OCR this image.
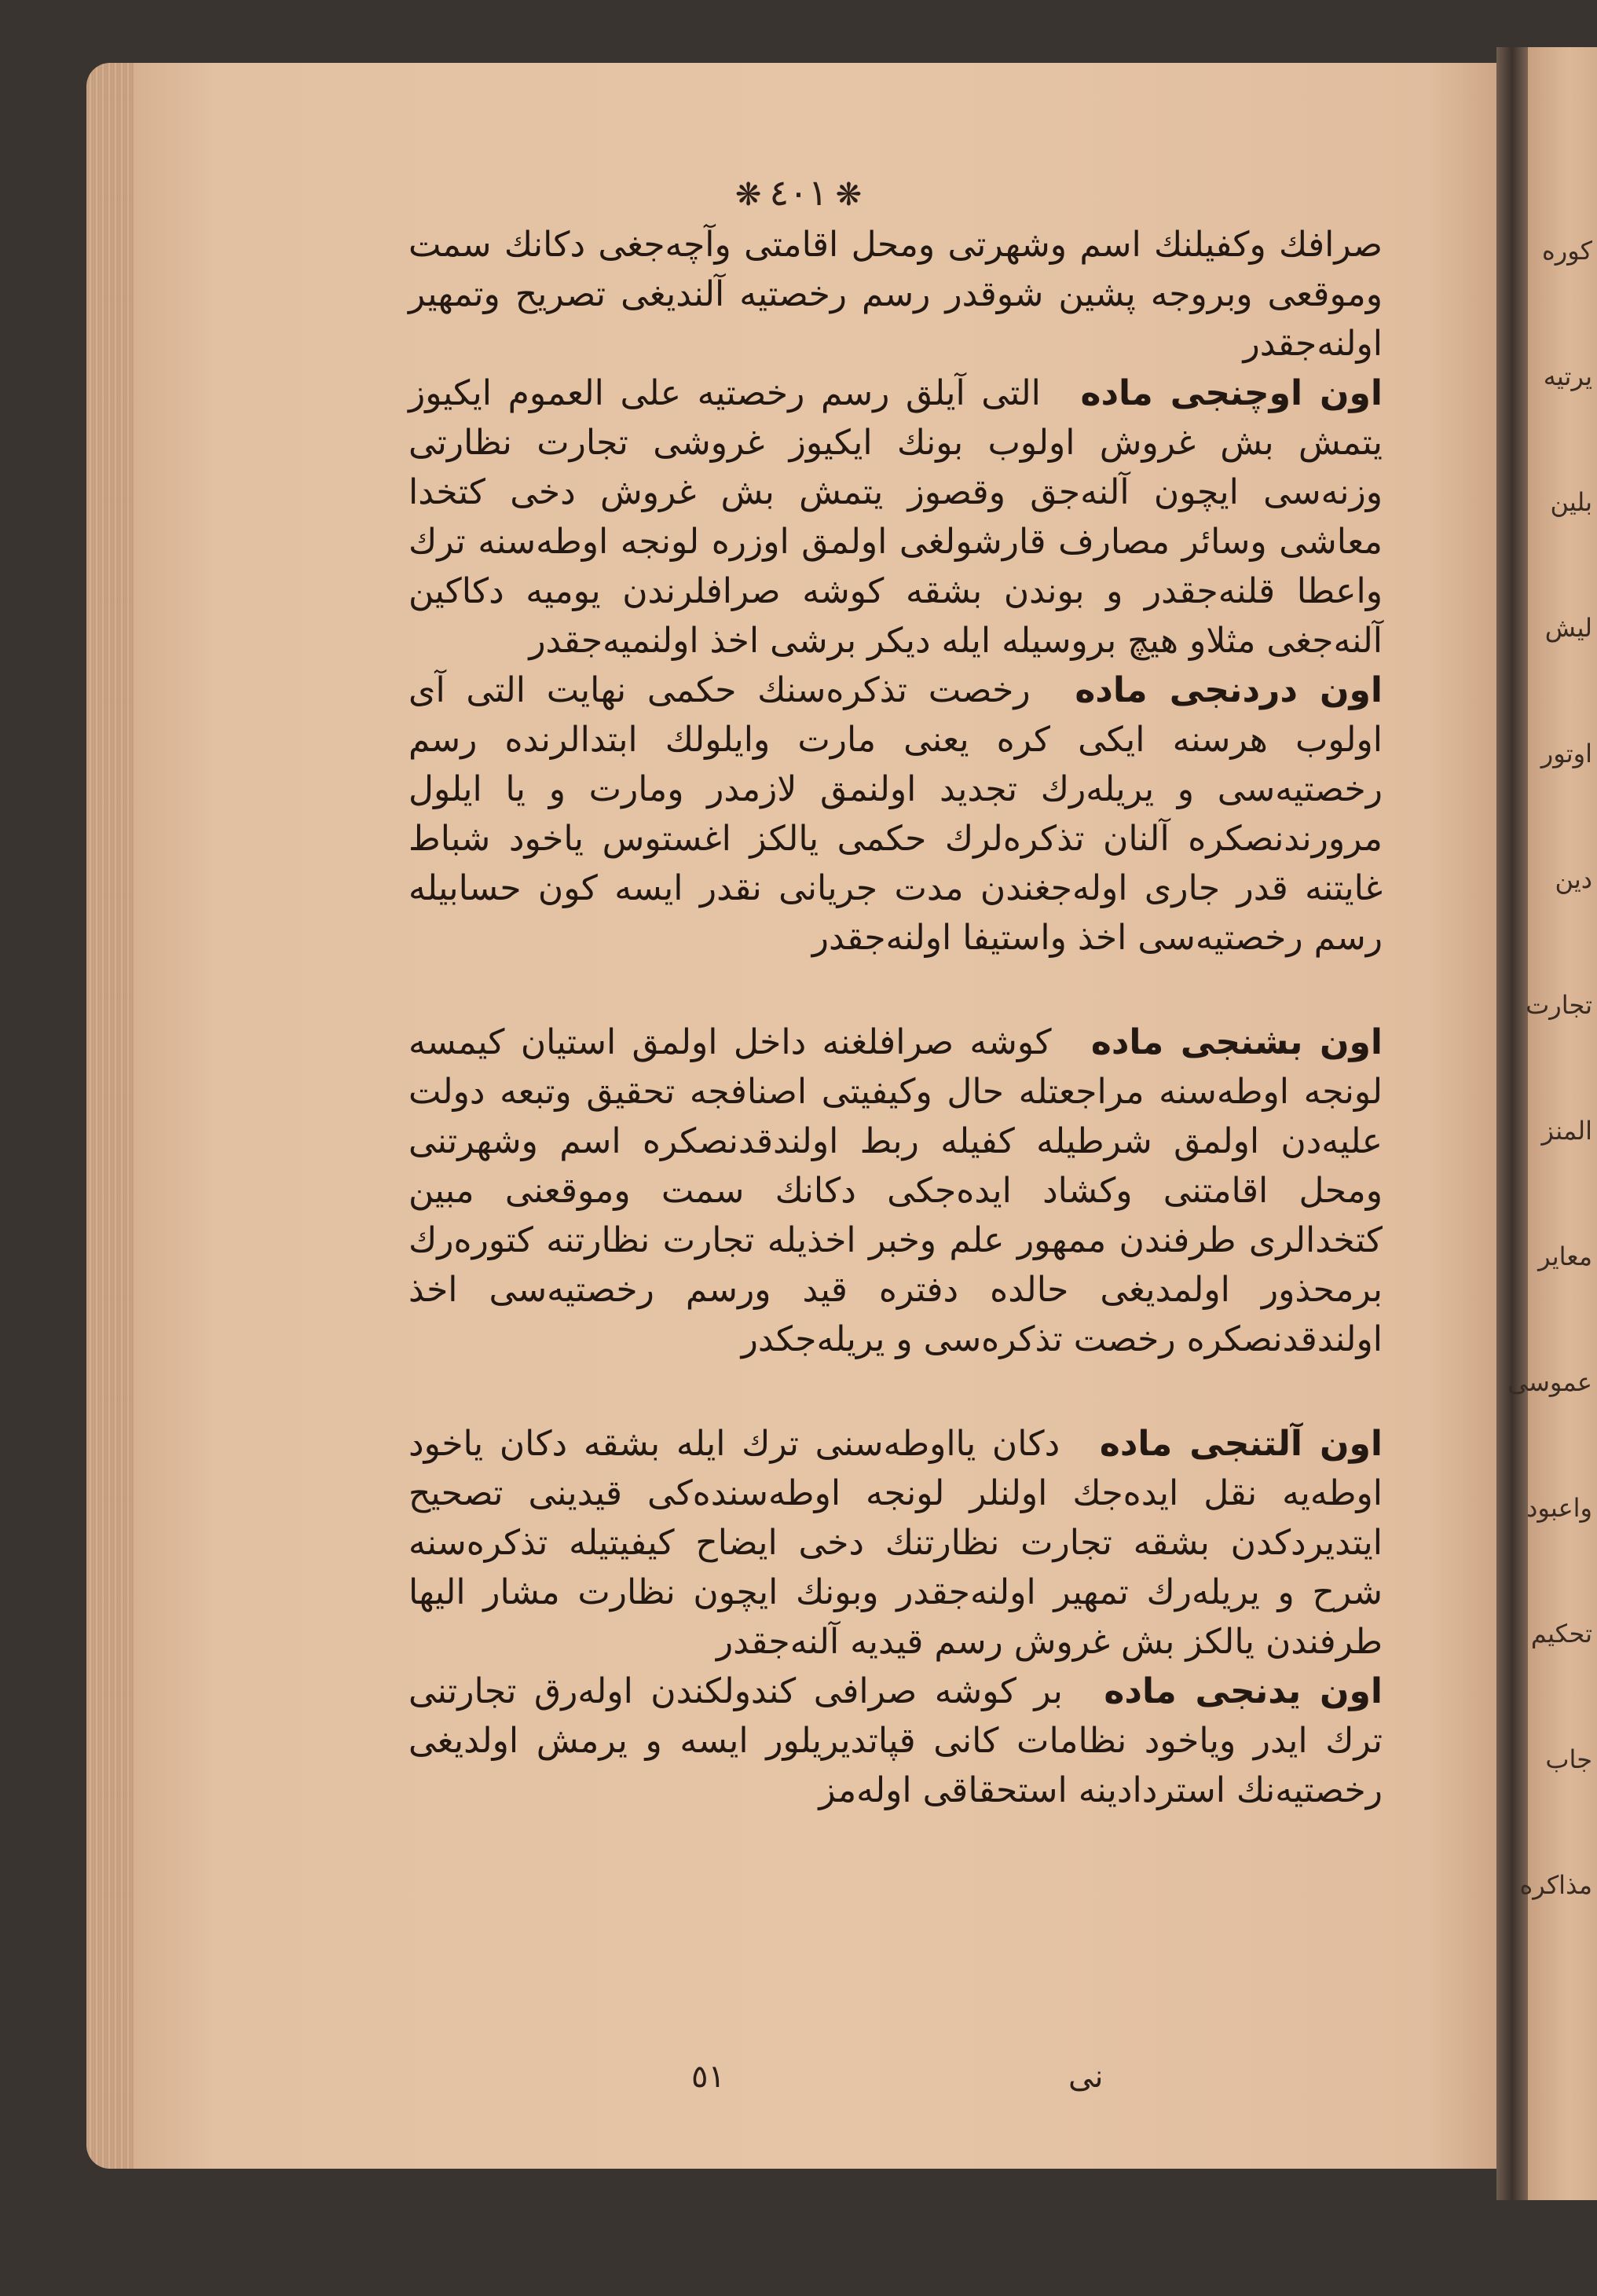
كوره
يرتيه
بلين
ليش
اوتور
دين
تجارت
المنز
معاير
عموسى
واعبود
تحكيم
جاب
مذاكره
❋ ٤٠١ ❋

صرافك وكفيلنك اسم وشهرتى ومحل اقامتى وآچەجغى دكانك سمت وموقعى وبروجه پشين شوقدر رسم رخصتيه آلنديغى تصريح وتمهير اولنەجقدر

اون اوچنجى ماده التى آيلق رسم رخصتيه على العموم ايكيوز يتمش بش غروش اولوب بونك ايكيوز غروشى تجارت نظارتى وزنەسى ايچون آلنەجق وقصوز يتمش بش غروش دخى كتخدا معاشى وسائر مصارف قارشولغى اولمق اوزره لونجه اوطەسنە ترك واعطا قلنەجقدر و بوندن بشقه كوشه صرافلرندن يوميه دكاكين آلنەجغى مثلاو هيچ بروسيله ايله ديكر برشى اخذ اولنميەجقدر

اون دردنجى ماده رخصت تذكرەسنك حكمى نهايت التى آى اولوب هرسنه ايكى كره يعنى مارت وايلولك ابتدالرنده رسم رخصتيەسى و يريلەرك تجديد اولنمق لازمدر ومارت و يا ايلول مرورندنصكره آلنان تذكرەلرك حكمى يالكز اغستوس ياخود شباط غايتنه قدر جارى اولەجغندن مدت جريانى نقدر ايسه كون حسابيله رسم رخصتيەسى اخذ واستيفا اولنەجقدر

اون بشنجى ماده كوشه صرافلغنه داخل اولمق استيان كيمسه لونجه اوطەسنه مراجعتله حال وكيفيتى اصنافجه تحقيق وتبعه دولت عليەدن اولمق شرطيله كفيله ربط اولندقدنصكره اسم وشهرتنى ومحل اقامتنى وكشاد ايدەجكى دكانك سمت وموقعنى مبين كتخدالرى طرفندن ممهور علم وخبر اخذيله تجارت نظارتنه كتورەرك برمحذور اولمديغى حالده دفتره قيد ورسم رخصتيەسى اخذ اولندقدنصكره رخصت تذكرەسى و يريلەجكدر

اون آلتنجى ماده دكان يااوطەسنى ترك ايله بشقه دكان ياخود اوطەيه نقل ايدەجك اولنلر لونجه اوطەسندەكى قيدينى تصحيح ايتديردكدن بشقه تجارت نظارتنك دخى ايضاح كيفيتيله تذكرەسنه شرح و يريلەرك تمهير اولنەجقدر وبونك ايچون نظارت مشار اليها طرفندن يالكز بش غروش رسم قيديه آلنەجقدر

اون يدنجى ماده بر كوشه صرافى كندولكندن اولەرق تجارتنى ترك ايدر وياخود نظامات كانى قپاتديريلور ايسه و يرمش اولديغى رخصتيەنك استردادينه استحقاقى اولەمز

٥١	نی
